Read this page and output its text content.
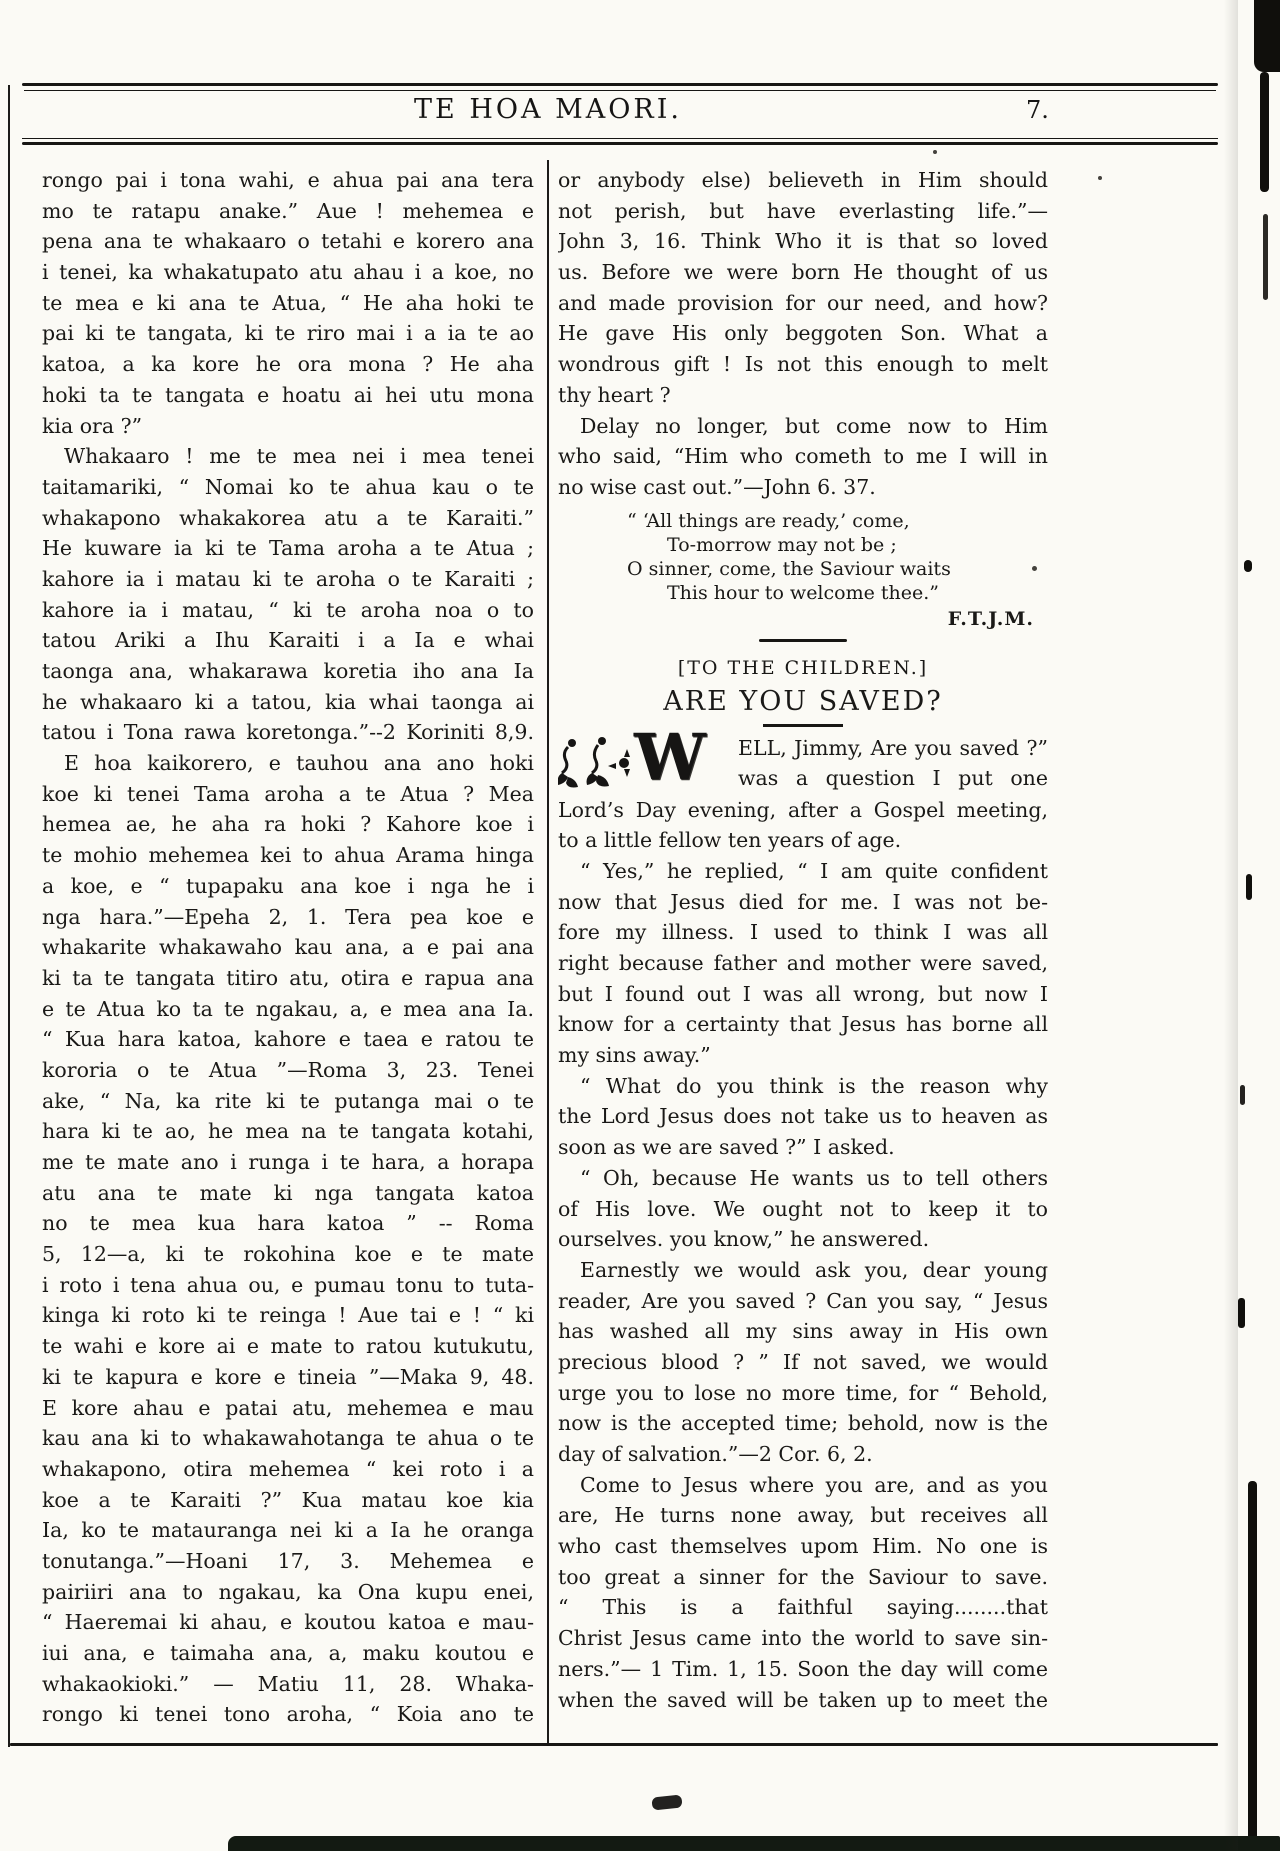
TE HOA MAORI.	7.
rongo pai i tona wahi, e ahua pai ana tera
mo te ratapu anake.” Aue ! mehemea e
pena ana te whakaaro o tetahi e korero ana
i tenei, ka whakatupato atu ahau i a koe, no
te mea e ki ana te Atua, “ He aha hoki te
pai ki te tangata, ki te riro mai i a ia te ao
katoa, a ka kore he ora mona ? He aha
hoki ta te tangata e hoatu ai hei utu mona
kia ora ?”
Whakaaro ! me te mea nei i mea tenei
taitamariki, “ Nomai ko te ahua kau o te
whakapono whakakorea atu a te Karaiti.”
He kuware ia ki te Tama aroha a te Atua ;
kahore ia i matau ki te aroha o te Karaiti ;
kahore ia i matau, “ ki te aroha noa o to
tatou Ariki a Ihu Karaiti i a Ia e whai
taonga ana, whakarawa koretia iho ana Ia
he whakaaro ki a tatou, kia whai taonga ai
tatou i Tona rawa koretonga.”--2 Koriniti 8,9.
E hoa kaikorero, e tauhou ana ano hoki
koe ki tenei Tama aroha a te Atua ? Mea
hemea ae, he aha ra hoki ? Kahore koe i
te mohio mehemea kei to ahua Arama hinga
a koe, e “ tupapaku ana koe i nga he i
nga hara.”—Epeha 2, 1. Tera pea koe e
whakarite whakawaho kau ana, a e pai ana
ki ta te tangata titiro atu, otira e rapua ana
e te Atua ko ta te ngakau, a, e mea ana Ia.
“ Kua hara katoa, kahore e taea e ratou te
kororia o te Atua ”—Roma 3, 23. Tenei
ake, “ Na, ka rite ki te putanga mai o te
hara ki te ao, he mea na te tangata kotahi,
me te mate ano i runga i te hara, a horapa
atu ana te mate ki nga tangata katoa
no te mea kua hara katoa ” -- Roma
5, 12—a, ki te rokohina koe e te mate
i roto i tena ahua ou, e pumau tonu to tuta-
kinga ki roto ki te reinga ! Aue tai e ! “ ki
te wahi e kore ai e mate to ratou kutukutu,
ki te kapura e kore e tineia ”—Maka 9, 48.
E kore ahau e patai atu, mehemea e mau
kau ana ki to whakawahotanga te ahua o te
whakapono, otira mehemea “ kei roto i a
koe a te Karaiti ?” Kua matau koe kia
Ia, ko te matauranga nei ki a Ia he oranga
tonutanga.”—Hoani 17, 3. Mehemea e
pairiiri ana to ngakau, ka Ona kupu enei,
“ Haeremai ki ahau, e koutou katoa e mau-
iui ana, e taimaha ana, a, maku koutou e
whakaokioki.” — Matiu 11, 28. Whaka-
rongo ki tenei tono aroha, “ Koia ano te
or anybody else) believeth in Him should
not perish, but have everlasting life.”—
John 3, 16. Think Who it is that so loved
us. Before we were born He thought of us
and made provision for our need, and how?
He gave His only beggoten Son. What a
wondrous gift ! Is not this enough to melt
thy heart ?
Delay no longer, but come now to Him
who said, “Him who cometh to me I will in
no wise cast out.”—John 6. 37.
“ ‘All things are ready,’ come,
To-morrow may not be ;
O sinner, come, the Saviour waits
This hour to welcome thee.”
F.T.J.M.
[TO THE CHILDREN.]
ARE YOU SAVED?
W ELL, Jimmy, Are you saved ?”
was a question I put one
Lord’s Day evening, after a Gospel meeting,
to a little fellow ten years of age.
“ Yes,” he replied, “ I am quite confident
now that Jesus died for me. I was not be-
fore my illness. I used to think I was all
right because father and mother were saved,
but I found out I was all wrong, but now I
know for a certainty that Jesus has borne all
my sins away.”
“ What do you think is the reason why
the Lord Jesus does not take us to heaven as
soon as we are saved ?” I asked.
“ Oh, because He wants us to tell others
of His love. We ought not to keep it to
ourselves. you know,” he answered.
Earnestly we would ask you, dear young
reader, Are you saved ? Can you say, “ Jesus
has washed all my sins away in His own
precious blood ? ” If not saved, we would
urge you to lose no more time, for “ Behold,
now is the accepted time; behold, now is the
day of salvation.”—2 Cor. 6, 2.
Come to Jesus where you are, and as you
are, He turns none away, but receives all
who cast themselves upom Him. No one is
too great a sinner for the Saviour to save.
“ This is a faithful saying........that
Christ Jesus came into the world to save sin-
ners.”— 1 Tim. 1, 15. Soon the day will come
when the saved will be taken up to meet the
